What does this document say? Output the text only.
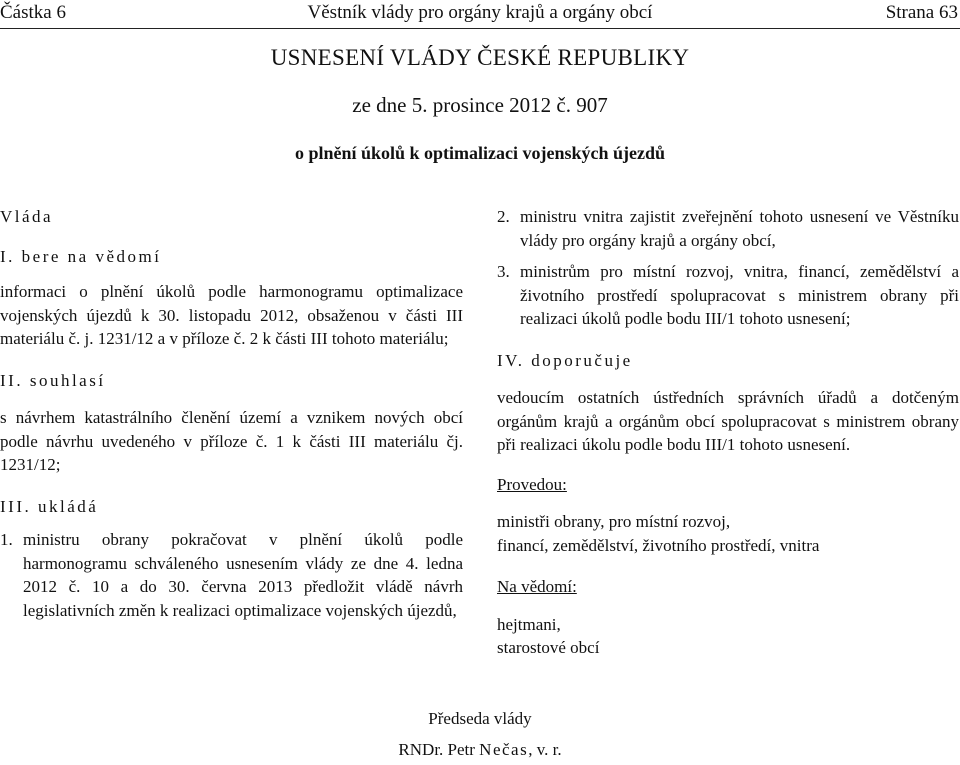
Částka 6	Věstník vlády pro orgány krajů a orgány obcí	Strana 63
USNESENÍ VLÁDY ČESKÉ REPUBLIKY
ze dne 5. prosince 2012 č. 907
o plnění úkolů k optimalizaci vojenských újezdů

Vláda

I. bere na vědomí

informaci o plnění úkolů podle harmonogramu optimalizace vojenských újezdů k 30. listopadu 2012, obsaženou v části III materiálu č. j. 1231/12 a v příloze č. 2 k části III tohoto materiálu;

II. souhlasí

s návrhem katastrálního členění území a vznikem nových obcí podle návrhu uvedeného v příloze č. 1 k části III materiálu čj. 1231/12;

III. ukládá

1. ministru obrany pokračovat v plnění úkolů podle harmonogramu schváleného usnesením vlády ze dne 4. ledna 2012 č. 10 a do 30. června 2013 předložit vládě návrh legislativních změn k realizaci optimalizace vojenských újezdů,
2. ministru vnitra zajistit zveřejnění tohoto usnesení ve Věstníku vlády pro orgány krajů a orgány obcí,
3. ministrům pro místní rozvoj, vnitra, financí, zemědělství a životního prostředí spolupracovat s ministrem obrany při realizaci úkolů podle bodu III/1 tohoto usnesení;

IV. doporučuje

vedoucím ostatních ústředních správních úřadů a dotčeným orgánům krajů a orgánům obcí spolupracovat s ministrem obrany při realizaci úkolu podle bodu III/1 tohoto usnesení.

Provedou:

ministři obrany, pro místní rozvoj,
financí, zemědělství, životního prostředí, vnitra

Na vědomí:

hejtmani,
starostové obcí

Předseda vlády
RNDr. Petr Nečas, v. r.
